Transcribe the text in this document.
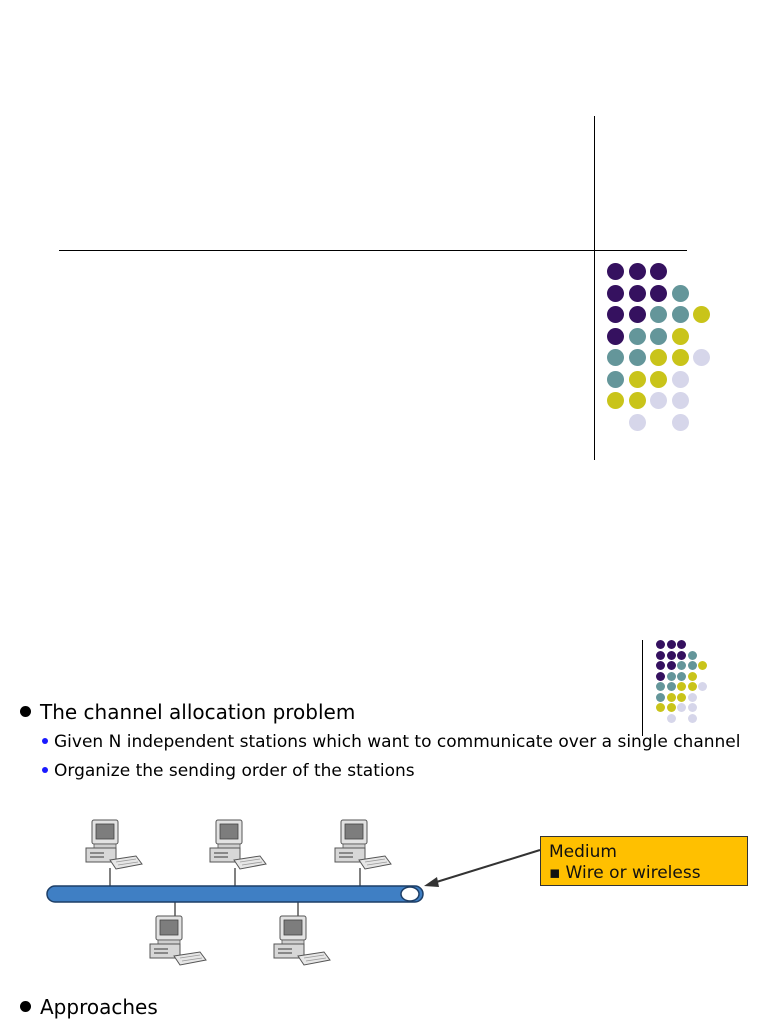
The channel allocation problem
Given N independent stations which want to communicate over a single channel
Organize the sending order of the stations
Medium
▪ Wire or wireless
Approaches
